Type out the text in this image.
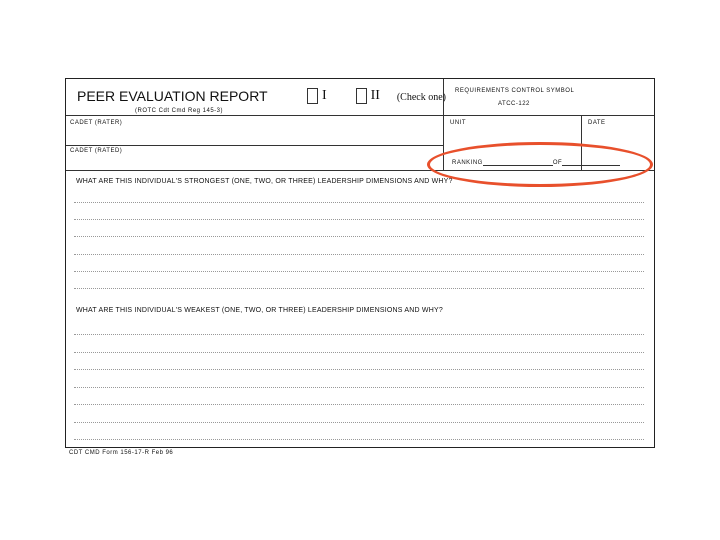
PEER EVALUATION REPORT	I	II (Check one)
(ROTC Cdt Cmd Reg 145-3)
REQUIREMENTS CONTROL SYMBOL
ATCC-122
CADET (RATER)	UNIT	DATE
CADET (RATED)
RANKING	OF
WHAT ARE THIS INDIVIDUAL'S STRONGEST (ONE, TWO, OR THREE) LEADERSHIP DIMENSIONS AND WHY?
WHAT ARE THIS INDIVIDUAL'S WEAKEST (ONE, TWO, OR THREE) LEADERSHIP DIMENSIONS AND WHY?
CDT CMD Form 156-17-R Feb 96
